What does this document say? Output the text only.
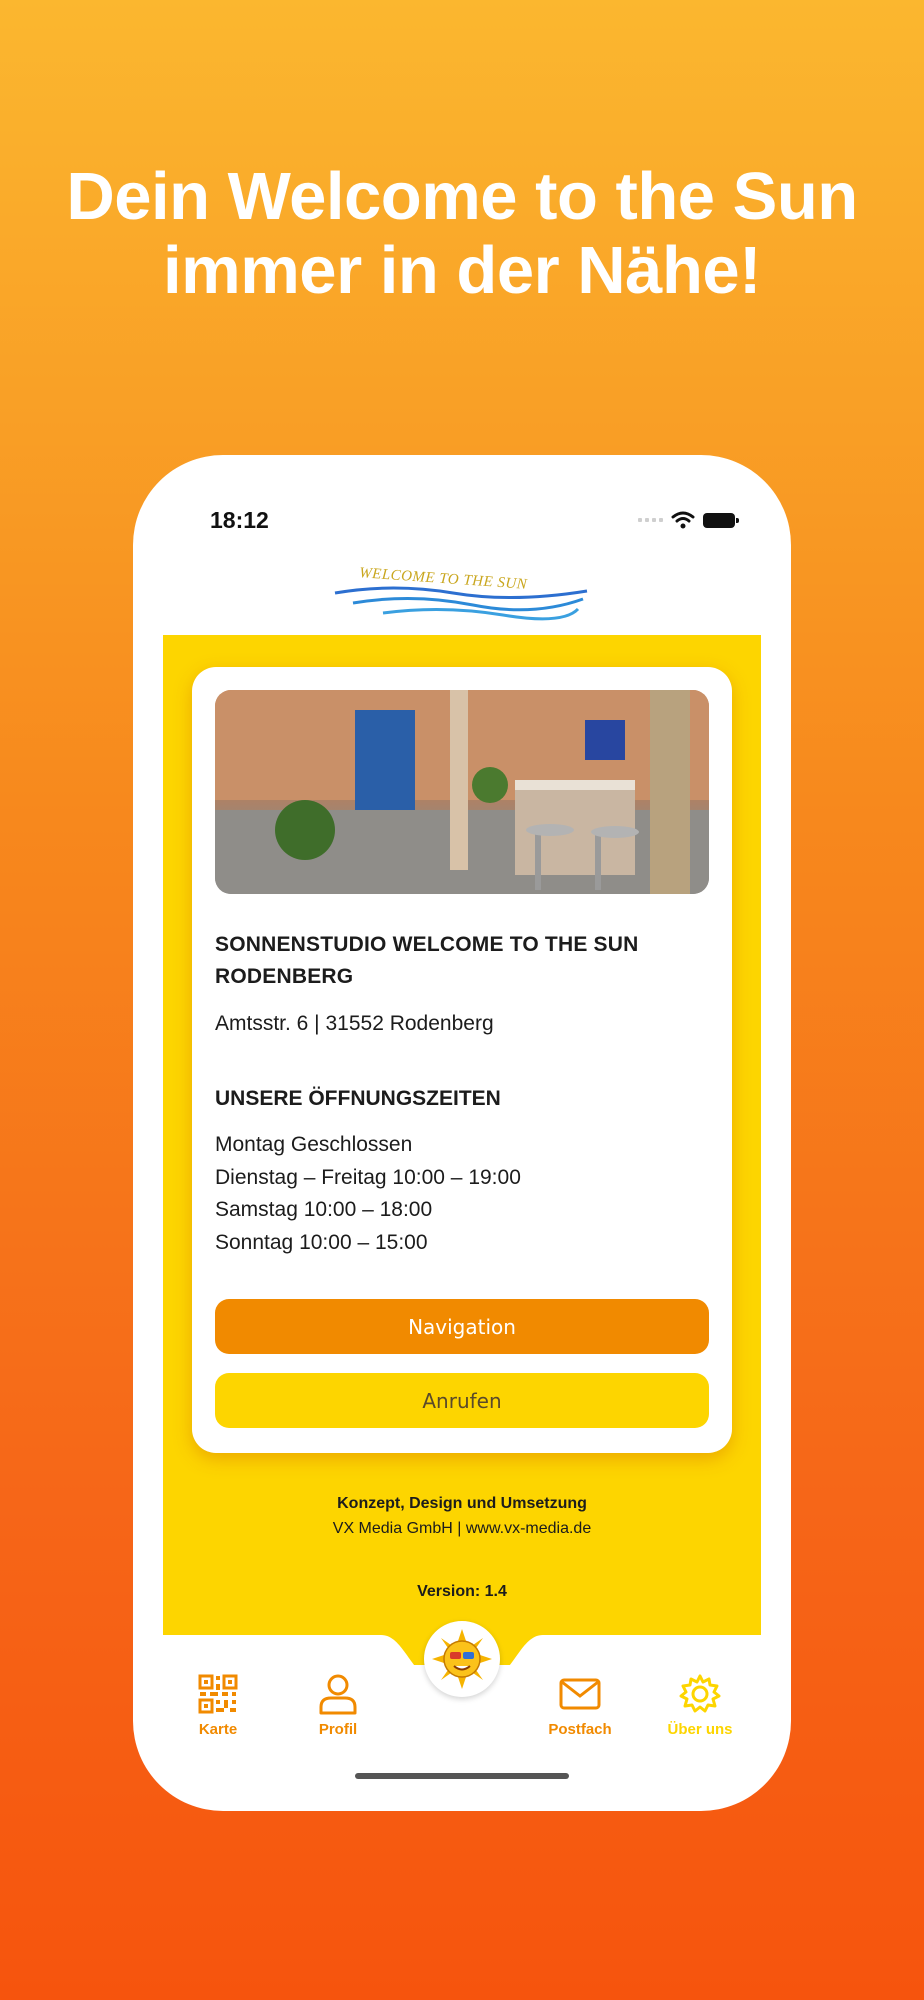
Dein Welcome to the Sun
immer in der Nähe!
18:12
WELCOME TO THE SUN
SONNENSTUDIO WELCOME TO THE SUN RODENBERG
Amtsstr. 6 | 31552 Rodenberg
UNSERE ÖFFNUNGSZEITEN
Montag Geschlossen
Dienstag – Freitag 10:00 – 19:00
Samstag 10:00 – 18:00
Sonntag 10:00 – 15:00
Navigation
Anrufen
Konzept, Design und Umsetzung
VX Media GmbH | www.vx-media.de
Version: 1.4
Karte	Profil	Postfach	Über uns
